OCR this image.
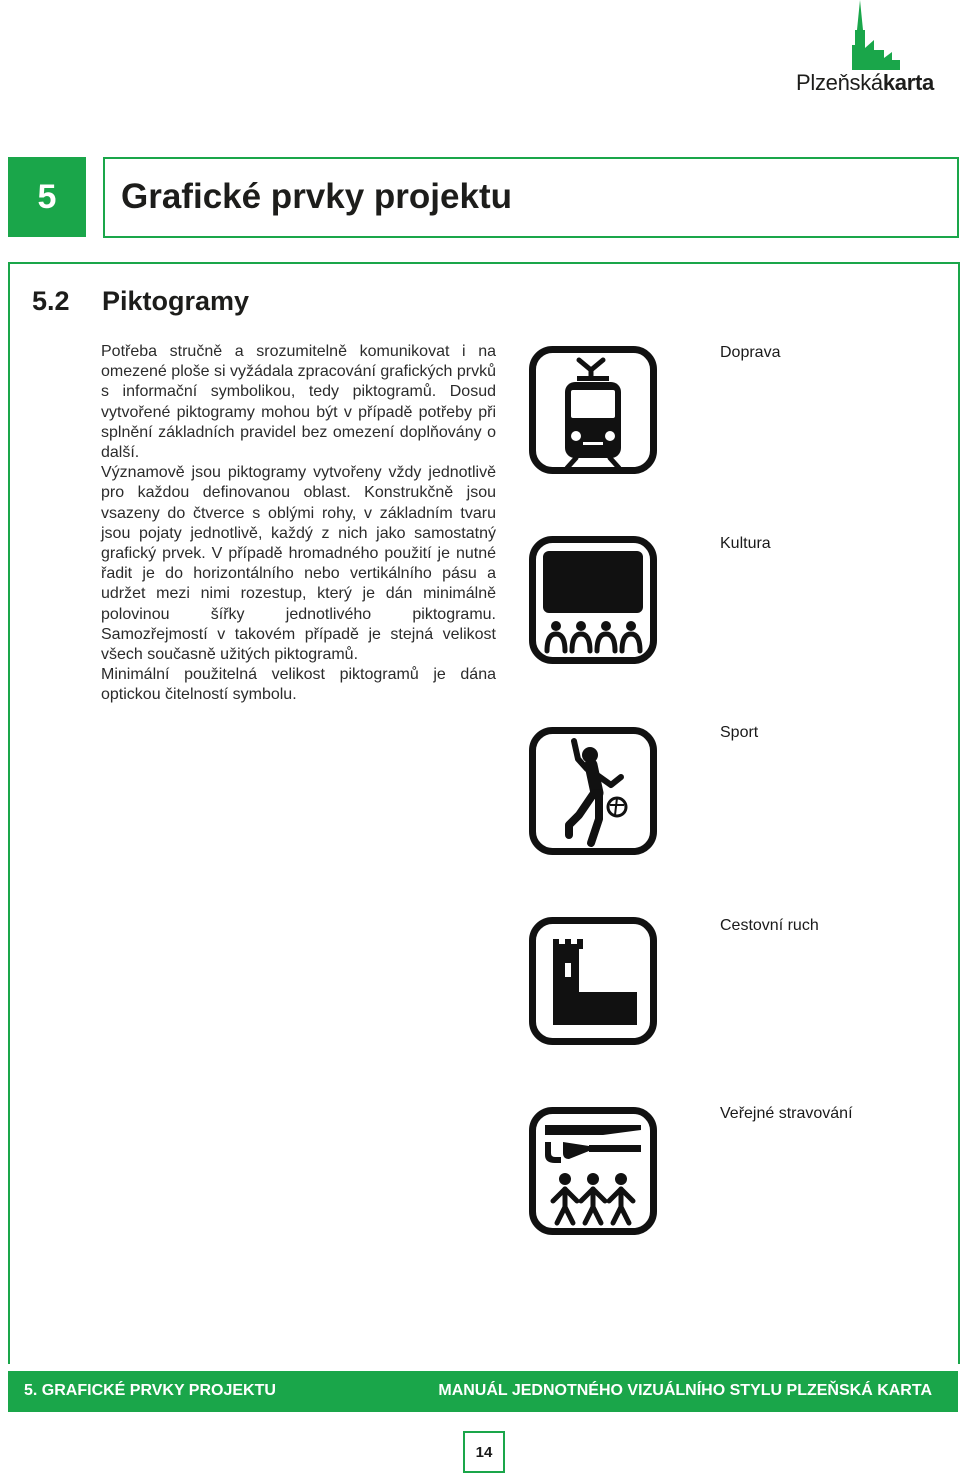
Plzeňskákarta
5	Grafické prvky projektu
5.2 Piktogramy

Potřeba stručně a srozumitelně komunikovat i na omezené ploše si vyžádala zpracování grafických prvků s informační symbolikou, tedy piktogramů. Dosud vytvořené piktogramy mohou být v případě potřeby při splnění základních pravidel bez omezení doplňovány o další.

Významově jsou piktogramy vytvořeny vždy jednotlivě pro každou definovanou oblast. Konstrukčně jsou vsazeny do čtverce s oblými rohy, v základním tvaru jsou pojaty jednotlivě, každý z nich jako samostatný grafický prvek. V případě hromadného použití je nutné řadit je do horizontálního nebo vertikálního pásu a udržet mezi nimi rozestup, který je dán minimálně polovinou šířky jednotlivého piktogramu. Samozřejmostí v takovém případě je stejná velikost všech současně užitých piktogramů.

Minimální použitelná velikost piktogramů je dána optickou čitelností symbolu.

Doprava
Kultura
Sport
Cestovní ruch
Veřejné stravování
5. GRAFICKÉ PRVKY PROJEKTU	MANUÁL JEDNOTNÉHO VIZUÁLNÍHO STYLU PLZEŇSKÁ KARTA
14
